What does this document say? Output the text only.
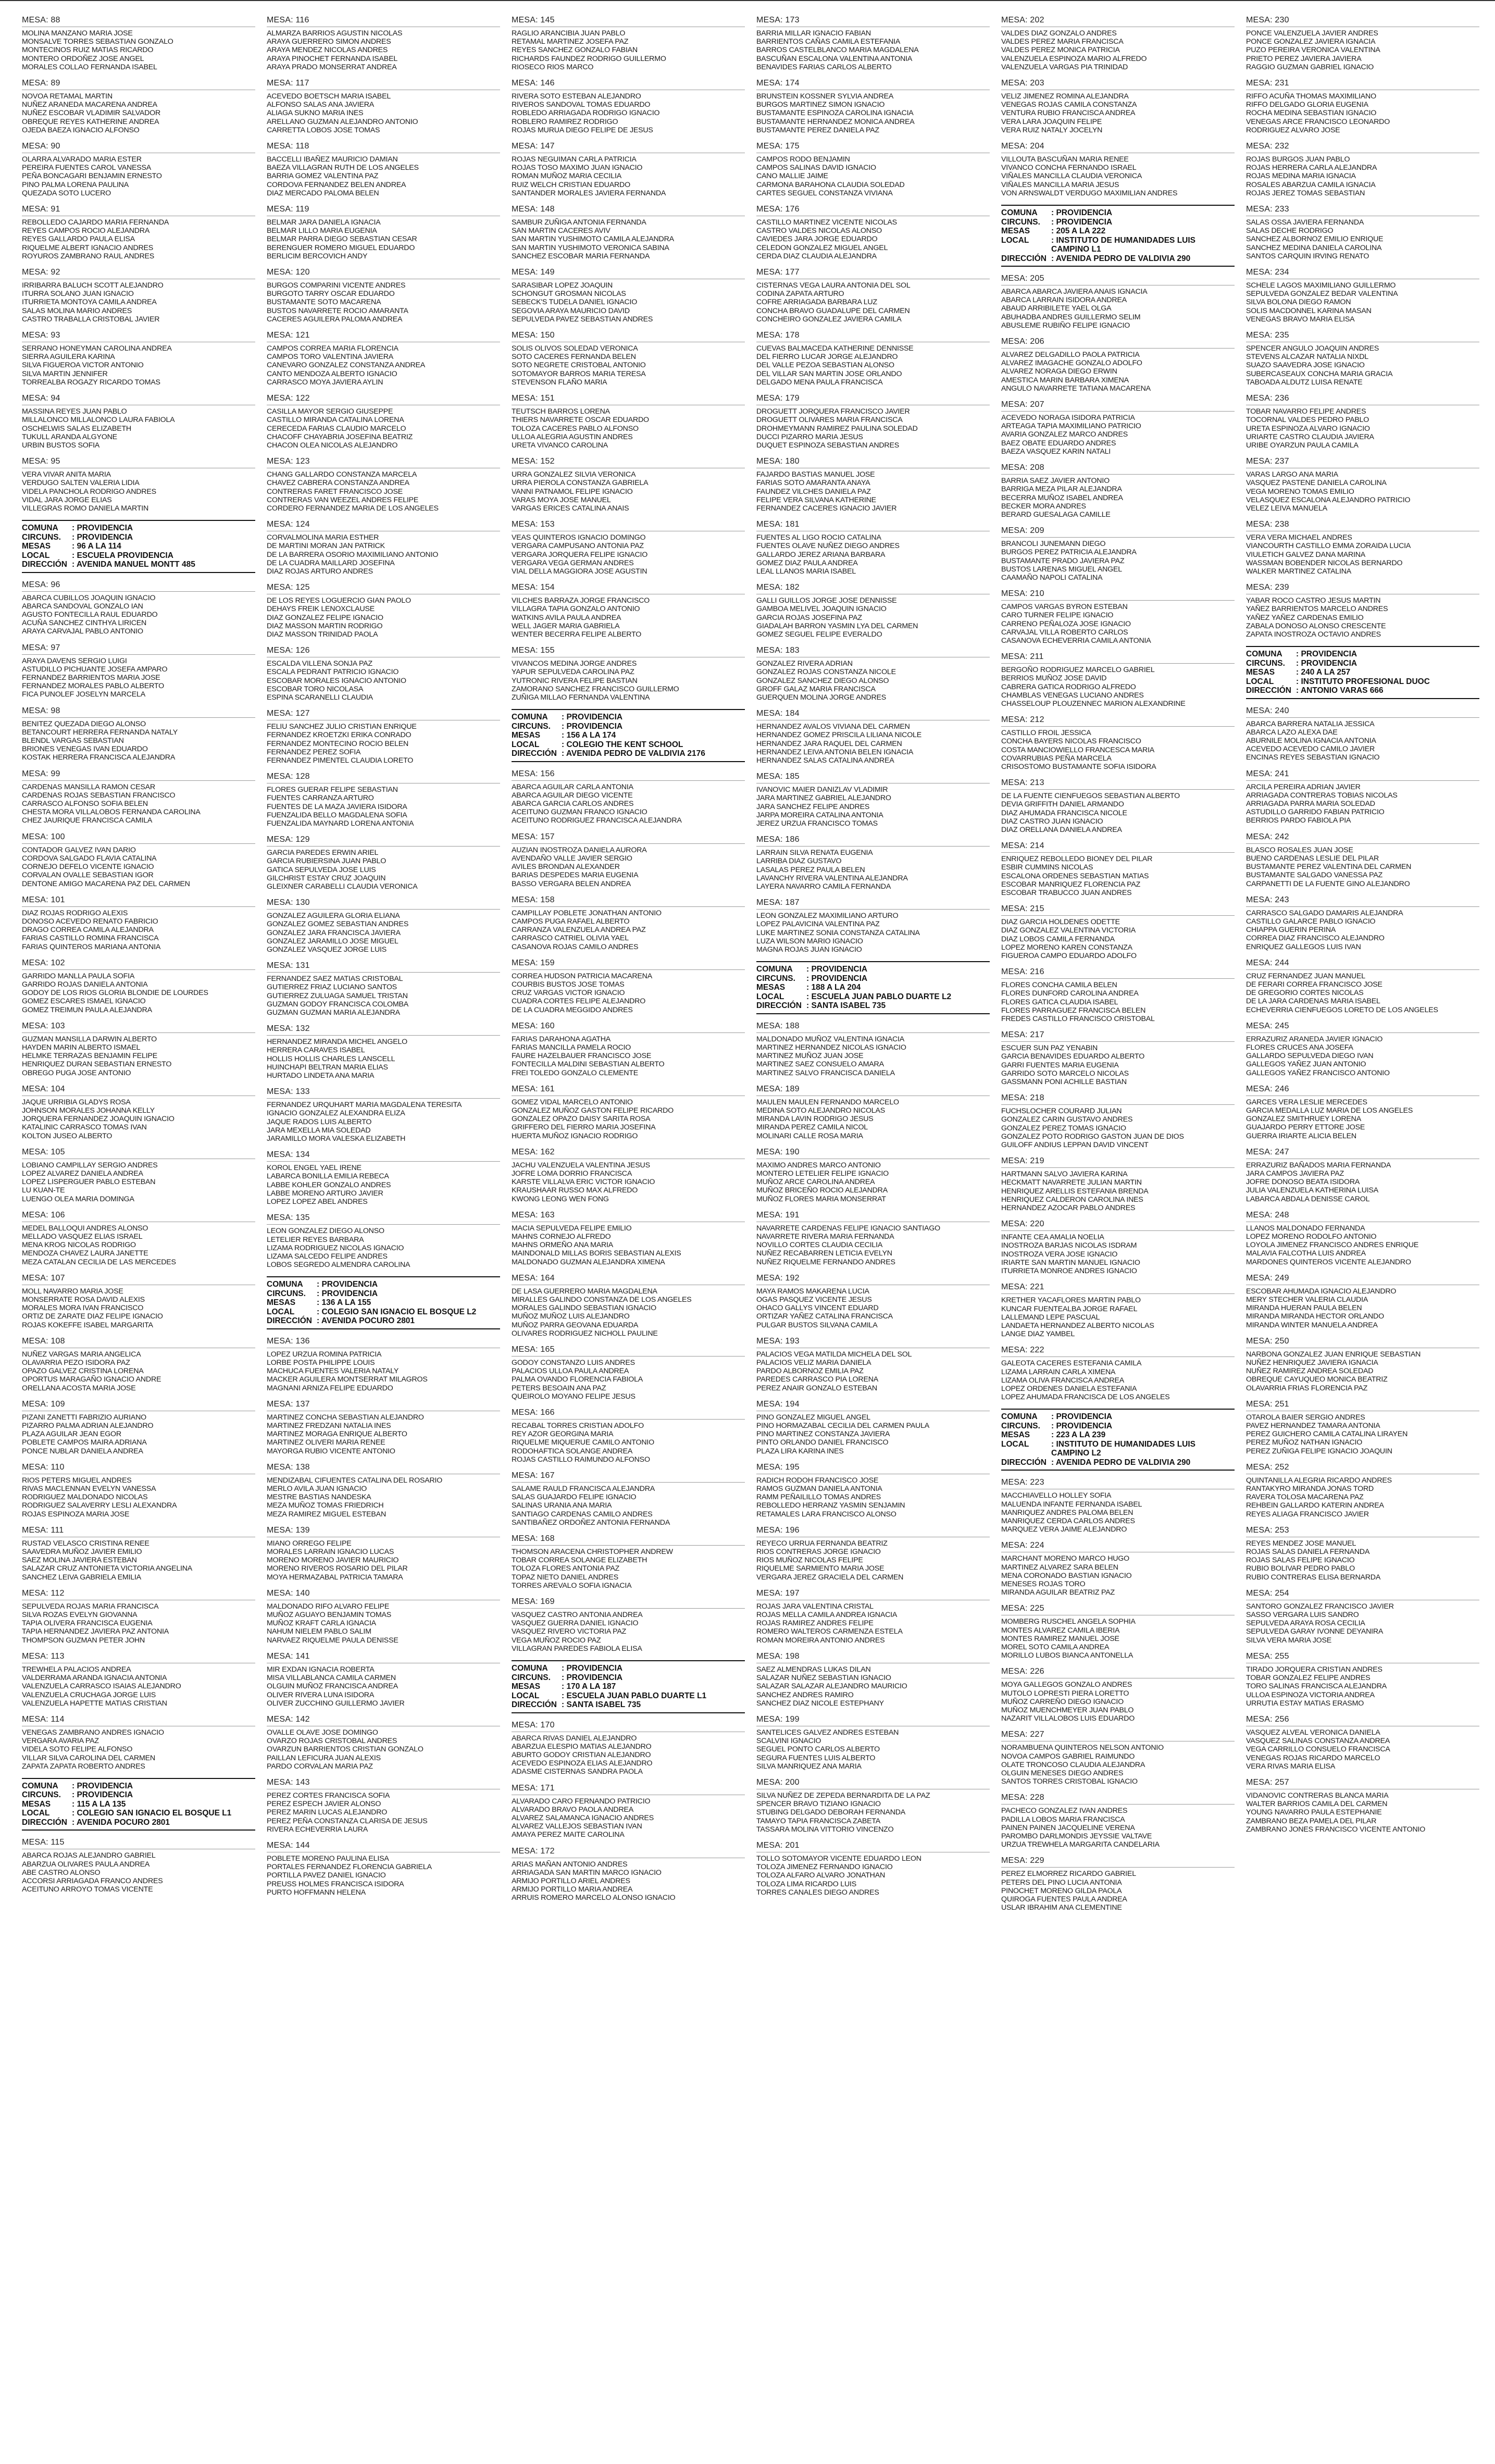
MESA: 88
MOLINA MANZANO MARIA JOSE
MONSALVE TORRES SEBASTIAN GONZALO
MONTECINOS RUIZ MATIAS RICARDO
MONTERO ORDOÑEZ JOSE ANGEL
MORALES COLLAO FERNANDA ISABEL
MESA: 89
NOVOA RETAMAL MARTIN
NUÑEZ ARANEDA MACARENA ANDREA
NUÑEZ ESCOBAR VLADIMIR SALVADOR
OBREQUE REYES KATHERINE ANDREA
OJEDA BAEZA IGNACIO ALFONSO
MESA: 90
OLARRA ALVARADO MARIA ESTER
PEREIRA FUENTES CAROL VANESSA
PEÑA BONCAGARI BENJAMIN ERNESTO
PINO PALMA LORENA PAULINA
QUEZADA SOTO LUCERO
MESA: 91
REBOLLEDO CAJARDO MARIA FERNANDA
REYES CAMPOS ROCIO ALEJANDRA
REYES GALLARDO PAULA ELISA
RIQUELME ALBERT IGNACIO ANDRES
ROYUROS ZAMBRANO RAUL ANDRES
MESA: 92
IRRIBARRA BALUCH SCOTT ALEJANDRO
ITURRA SOLANO JUAN IGNACIO
ITURRIETA MONTOYA CAMILA ANDREA
SALAS MOLINA MARIO ANDRES
CASTRO TRABALLA CRISTOBAL JAVIER
MESA: 93
SERRANO HONEYMAN CAROLINA ANDREA
SIERRA AGUILERA KARINA
SILVA FIGUEROA VICTOR ANTONIO
SILVA MARTIN JENNIFER
TORREALBA ROGAZY RICARDO TOMAS
MESA: 94
MASSINA REYES JUAN PABLO
MILLALONCO MILLALONCO LAURA FABIOLA
OSCHELWIS SALAS ELIZABETH
TUKULL ARANDA ALGYONE
URBIN BUSTOS SOFIA
MESA: 95
VERA VIVAR ANITA MARIA
VERDUGO SALTEN VALERIA LIDIA
VIDELA PANCHOLA RODRIGO ANDRES
VIDAL JARA JORGE ELIAS
VILLEGRAS ROMO DANIELA MARTIN
COMUNA	: PROVIDENCIA
CIRCUNS.	: PROVIDENCIA
MESAS	: 96 A LA 114
LOCAL	: ESCUELA PROVIDENCIA
DIRECCIÓN : AVENIDA MANUEL MONTT 485
MESA: 96
ABARCA CUBILLOS JOAQUIN IGNACIO
ABARCA SANDOVAL GONZALO IAN
AGUSTO FONTECILLA RAUL EDUARDO
ACUÑA SANCHEZ CINTHYA LIRICEN
ARAYA CARVAJAL PABLO ANTONIO
MESA: 97
ARAYA DAVENS SERGIO LUIGI
ASTUDILLO PICHUANTE JOSEFA AMPARO
FERNANDEZ BARRIENTOS MARIA JOSE
FERNANDEZ MORALES PABLO ALBERTO
FICA PUNOLEF JOSELYN MARCELA
MESA: 98
BENITEZ QUEZADA DIEGO ALONSO
BETANCOURT HERRERA FERNANDA NATALY
BLENDL VARGAS SEBASTIAN
BRIONES VENEGAS IVAN EDUARDO
KOSTAK HERRERA FRANCISCA ALEJANDRA
MESA: 99
CARDENAS MANSILLA RAMON CESAR
CARDENAS ROJAS SEBASTIAN FRANCISCO
CARRASCO ALFONSO SOFIA BELEN
CHESTA MORA VILLALOBOS FERNANDA CAROLINA
CHEZ JAURIQUE FRANCISCA CAMILA
MESA: 100
CONTADOR GALVEZ IVAN DARIO
CORDOVA SALGADO FLAVIA CATALINA
CORNEJO DEFELO VICENTE IGNACIO
CORVALAN OVALLE SEBASTIAN IGOR
DENTONE AMIGO MACARENA PAZ DEL CARMEN
MESA: 101
DIAZ ROJAS RODRIGO ALEXIS
DONOSO ACEVEDO RENATO FABRICIO
DRAGO CORREA CAMILA ALEJANDRA
FARIAS CASTILLO ROMINA FRANCISCA
FARIAS QUINTEROS MARIANA ANTONIA
MESA: 102
GARRIDO MANLLA PAULA SOFIA
GARRIDO ROJAS DANIELA ANTONIA
GODOY DE LOS RIOS GLORIA BLONDIE DE LOURDES
GOMEZ ESCARES ISMAEL IGNACIO
GOMEZ TREIMUN PAULA ALEJANDRA
MESA: 103
GUZMAN MANSILLA DARWIN ALBERTO
HAYDEN MARIN ALBERTO ISMAEL
HELMKE TERRAZAS BENJAMIN FELIPE
HENRIQUEZ DURAN SEBASTIAN ERNESTO
OBREGO PUGA JOSE ANTONIO
MESA: 104
JAQUE URRIBIA GLADYS ROSA
JOHNSON MORALES JOHANNA KELLY
JORQUERA FERNANDEZ JOAQUIN IGNACIO
KATALINIC CARRASCO TOMAS IVAN
KOLTON JUSEO ALBERTO
MESA: 105
LOBIANO CAMPILLAY SERGIO ANDRES
LOPEZ ALVAREZ DANIELA ANDREA
LOPEZ LISPERGUER PABLO ESTEBAN
LU KUAN-TE
LUENGO OLEA MARIA DOMINGA
MESA: 106
MEDEL BALLOQUI ANDRES ALONSO
MELLADO VASQUEZ ELIAS ISRAEL
MENA KROG NICOLAS RODRIGO
MENDOZA CHAVEZ LAURA JANETTE
MEZA CATALAN CECILIA DE LAS MERCEDES
MESA: 107
MOLL NAVARRO MARIA JOSE
MONSERRATE ROSA DAVID ALEXIS
MORALES MORA IVAN FRANCISCO
ORTIZ DE ZARATE DIAZ FELIPE IGNACIO
ROJAS KOKEFFE ISABEL MARGARITA
MESA: 108
NUÑEZ VARGAS MARIA ANGELICA
OLAVARRIA PEZO ISIDORA PAZ
OPAZO GALVEZ CRISTINA LORENA
OPORTUS MARAGAÑO IGNACIO ANDRE
ORELLANA ACOSTA MARIA JOSE
MESA: 109
PIZANI ZANETTI FABRIZIO AURIANO
PIZARRO PALMA ADRIAN ALEJANDRO
PLAZA AGUILAR JEAN EGOR
POBLETE CAMPOS MAIRA ADRIANA
PONCE NUBLAR DANIELA ANDREA
MESA: 110
RIOS PETERS MIGUEL ANDRES
RIVAS MACLENNAN EVELYN VANESSA
RODRIGUEZ MALDONADO NICOLAS
RODRIGUEZ SALAVERRY LESLI ALEXANDRA
ROJAS ESPINOZA MARIA JOSE
MESA: 111
RUSTAD VELASCO CRISTINA RENEE
SAAVEDRA MUÑOZ JAVIER EMILIO
SAEZ MOLINA JAVIERA ESTEBAN
SALAZAR CRUZ ANTONIETA VICTORIA ANGELINA
SANCHEZ LEIVA GABRIELA EMILIA
MESA: 112
SEPULVEDA ROJAS MARIA FRANCISCA
SILVA ROZAS EVELYN GIOVANNA
TAPIA OLIVERA FRANCISCA EUGENIA
TAPIA HERNANDEZ JAVIERA PAZ ANTONIA
THOMPSON GUZMAN PETER JOHN
MESA: 113
TREWHELA PALACIOS ANDREA
VALDERRAMA ARANDA IGNACIA ANTONIA
VALENZUELA CARRASCO ISAIAS ALEJANDRO
VALENZUELA CRUCHAGA JORGE LUIS
VALENZUELA HAPETTE MATIAS CRISTIAN
MESA: 114
VENEGAS ZAMBRANO ANDRES IGNACIO
VERGARA AVARIA PAZ
VIDELA SOTO FELIPE ALFONSO
VILLAR SILVA CAROLINA DEL CARMEN
ZAPATA ZAPATA ROBERTO ANDRES
COMUNA	: PROVIDENCIA
CIRCUNS.	: PROVIDENCIA
MESAS	: 115 A LA 135
LOCAL	: COLEGIO SAN IGNACIO EL BOSQUE L1
DIRECCIÓN : AVENIDA POCURO 2801
MESA: 115
ABARCA ROJAS ALEJANDRO GABRIEL
ABARZUA OLIVARES PAULA ANDREA
ABE CASTRO ALONSO
ACCORSI ARRIAGADA FRANCO ANDRES
ACEITUNO ARROYO TOMAS VICENTE
MESA: 116
ALMARZA BARRIOS AGUSTIN NICOLAS
ARAYA GUERRERO SIMON ANDRES
ARAYA MENDEZ NICOLAS ANDRES
ARAYA PINOCHET FERNANDA ISABEL
ARAYA PRADO MONSERRAT ANDREA
MESA: 117
ACEVEDO BOETSCH MARIA ISABEL
ALFONSO SALAS ANA JAVIERA
ALIAGA SUKNO MARIA INES
ARELLANO GUZMAN ALEJANDRO ANTONIO
CARRETTA LOBOS JOSE TOMAS
MESA: 118
BACCELLI IBAÑEZ MAURICIO DAMIAN
BAEZA VILLAGRAN RUTH DE LOS ANGELES
BARRIA GOMEZ VALENTINA PAZ
CORDOVA FERNANDEZ BELEN ANDREA
DIAZ MERCADO PALOMA BELEN
MESA: 119
BELMAR JARA DANIELA IGNACIA
BELMAR LILLO MARIA EUGENIA
BELMAR PARRA DIEGO SEBASTIAN CESAR
BERENGUER ROMERO MIGUEL EDUARDO
BERLICIM BERCOVICH ANDY
MESA: 120
BURGOS COMPARINI VICENTE ANDRES
BURGOTO TARRY OSCAR EDUARDO
BUSTAMANTE SOTO MACARENA
BUSTOS NAVARRETE ROCIO AMARANTA
CACERES AGUILERA PALOMA ANDREA
MESA: 121
CAMPOS CORREA MARIA FLORENCIA
CAMPOS TORO VALENTINA JAVIERA
CANEVARO GONZALEZ CONSTANZA ANDREA
CANTO MENDOZA ALBERTO IGNACIO
CARRASCO MOYA JAVIERA AYLIN
MESA: 122
CASILLA MAYOR SERGIO GIUSEPPE
CASTILLO MIRANDA CATALINA LORENA
CERECEDA FARIAS CLAUDIO MARCELO
CHACOFF CHAYABRIA JOSEFINA BEATRIZ
CHACON OLEA NICOLAS ALEJANDRO
MESA: 123
CHANG GALLARDO CONSTANZA MARCELA
CHAVEZ CABRERA CONSTANZA ANDREA
CONTRERAS FARET FRANCISCO JOSE
CONTRERAS VAN WEEZEL ANDRES FELIPE
CORDERO FERNANDEZ MARIA DE LOS ANGELES
MESA: 124
CORVALMOLINA MARIA ESTHER
DE MARTINI MORAN JAN PATRICK
DE LA BARRERA OSORIO MAXIMILIANO ANTONIO
DE LA CUADRA MAILLARD JOSEFINA
DIAZ ROJAS ARTURO ANDRES
MESA: 125
DE LOS REYES LOGUERCIO GIAN PAOLO
DEHAYS FREIK LENOXCLAUSE
DIAZ GONZALEZ FELIPE IGNACIO
DIAZ MASSON MARTIN RODRIGO
DIAZ MASSON TRINIDAD PAOLA
MESA: 126
ESCALDA VILLENA SONJA PAZ
ESCALA PEDRANT PATRICIO IGNACIO
ESCOBAR MORALES IGNACIO ANTONIO
ESCOBAR TORO NICOLASA
ESPINA SCARANELLI CLAUDIA
MESA: 127
FELIU SANCHEZ JULIO CRISTIAN ENRIQUE
FERNANDEZ KROETZKI ERIKA CONRADO
FERNANDEZ MONTECINO ROCIO BELEN
FERNANDEZ PEREZ SOFIA
FERNANDEZ PIMENTEL CLAUDIA LORETO
MESA: 128
FLORES GUERAR FELIPE SEBASTIAN
FUENTES CARRANZA ARTURO
FUENTES DE LA MAZA JAVIERA ISIDORA
FUENZALIDA BELLO MAGDALENA SOFIA
FUENZALIDA MAYNARD LORENA ANTONIA
MESA: 129
GARCIA PAREDES ERWIN ARIEL
GARCIA RUBIERSINA JUAN PABLO
GATICA SEPULVEDA JOSE LUIS
GILCHRIST ESTAY CRUZ JOAQUIN
GLEIXNER CARABELLI CLAUDIA VERONICA
MESA: 130
GONZALEZ AGUILERA GLORIA ELIANA
GONZALEZ GOMEZ SEBASTIAN ANDRES
GONZALEZ JARA FRANCISCA JAVIERA
GONZALEZ JARAMILLO JOSE MIGUEL
GONZALEZ VASQUEZ JORGE LUIS
MESA: 131
FERNANDEZ SAEZ MATIAS CRISTOBAL
GUTIERREZ FRIAZ LUCIANO SANTOS
GUTIERREZ ZULUAGA SAMUEL TRISTAN
GUZMAN GODOY FRANCISCA COLOMBA
GUZMAN GUZMAN MARIA ALEJANDRA
MESA: 132
HERNANDEZ MIRANDA MICHEL ANGELO
HERRERA CARAVES ISABEL
HOLLIS HOLLIS CHARLES LANSCELL
HUINCHAPI BELTRAN MARIA ELIAS
HURTADO LINDETA ANA MARIA
MESA: 133
FERNANDEZ URQUHART MARIA MAGDALENA TERESITA
IGNACIO GONZALEZ ALEXANDRA ELIZA
JAQUE RADOS LUIS ALBERTO
JARA MEXELLA MIA SOLEDAD
JARAMILLO MORA VALESKA ELIZABETH
MESA: 134
KOROL ENGEL YAEL IRENE
LABARCA BONILLA EMILIA REBECA
LABBE KOHLER GONZALO ANDRES
LABBE MORENO ARTURO JAVIER
LOPEZ LOPEZ ABEL ANDRES
MESA: 135
LEON GONZALEZ DIEGO ALONSO
LETELIER REYES BARBARA
LIZAMA RODRIGUEZ NICOLAS IGNACIO
LIZAMA SALCEDO FELIPE ANDRES
LOBOS SEGREDO ALMENDRA CAROLINA
COMUNA	: PROVIDENCIA
CIRCUNS.	: PROVIDENCIA
MESAS	: 136 A LA 155
LOCAL	: COLEGIO SAN IGNACIO EL BOSQUE L2
DIRECCIÓN : AVENIDA POCURO 2801
MESA: 136
LOPEZ URZUA ROMINA PATRICIA
LORBE POSTA PHILIPPE LOUIS
MACHUCA FUENTES VALERIA NATALY
MACKER AGUILERA MONTSERRAT MILAGROS
MAGNANI ARNIZA FELIPE EDUARDO
MESA: 137
MARTINEZ CONCHA SEBASTIAN ALEJANDRO
MARTINEZ FREDZANI NATALIA INES
MARTINEZ MORAGA ENRIQUE ALBERTO
MARTINEZ OLIVERI MARIA RENEE
MAYORGA RUBIO VICENTE ANTONIO
MESA: 138
MENDIZABAL CIFUENTES CATALINA DEL ROSARIO
MERLO AVILA JUAN IGNACIO
MESTRE BASTIAS NANDESKA
MEZA MUÑOZ TOMAS FRIEDRICH
MEZA RAMIREZ MIGUEL ESTEBAN
MESA: 139
MIANO ORREGO FELIPE
MORALES LARRAIN IGNACIO LUCAS
MORENO MORENO JAVIER MAURICIO
MORENO RIVEROS ROSARIO DEL PILAR
MOYA HERMAZABAL PATRICIA TAMARA
MESA: 140
MALDONADO RIFO ALVARO FELIPE
MUÑOZ AGUAYO BENJAMIN TOMAS
MUÑOZ KRAFT CARLA IGNACIA
NAHUM NIELEM PABLO SALIM
NARVAEZ RIQUELME PAULA DENISSE
MESA: 141
MIR EXDAN IGNACIA ROBERTA
MISA VILLABLANCA CAMILA CARMEN
OLGUIN MUÑOZ FRANCISCA ANDREA
OLIVER RIVERA LUNA ISIDORA
OLIVER ZUCCHINO GUILLERMO JAVIER
MESA: 142
OVALLE OLAVE JOSE DOMINGO
OVARZO ROJAS CRISTOBAL ANDRES
OVARZUN BARRIENTOS CRISTIAN GONZALO
PAILLAN LEFICURA JUAN ALEXIS
PARDO CORVALAN MARIA PAZ
MESA: 143
PEREZ CORTES FRANCISCA SOFIA
PEREZ ESPECH JAVIER ALONSO
PEREZ MARIN LUCAS ALEJANDRO
PEREZ PEÑA CONSTANZA CLARISA DE JESUS
RIVERA ECHEVERRIA LAURA
MESA: 144
POBLETE MORENO PAULINA ELISA
PORTALES FERNANDEZ FLORENCIA GABRIELA
PORTILLA PAVEZ DANIEL IGNACIO
PREUSS HOLMES FRANCISCA ISIDORA
PURTO HOFFMANN HELENA
MESA: 145
RAGLIO ARANCIBIA JUAN PABLO
RETAMAL MARTINEZ JOSEFA PAZ
REYES SANCHEZ GONZALO FABIAN
RICHARDS FAUNDEZ RODRIGO GUILLERMO
RIOSECO RIOS MARCO
MESA: 146
RIVERA SOTO ESTEBAN ALEJANDRO
RIVEROS SANDOVAL TOMAS EDUARDO
ROBLEDO ARRIAGADA RODRIGO IGNACIO
ROBLERO RAMIREZ RODRIGO
ROJAS MURUA DIEGO FELIPE DE JESUS
MESA: 147
ROJAS NEGUIMAN CARLA PATRICIA
ROJAS TOSO MAXIMO JUAN IGNACIO
ROMAN MUÑOZ MARIA CECILIA
RUIZ WELCH CRISTIAN EDUARDO
SANTANDER MORALES JAVIERA FERNANDA
MESA: 148
SAMBUR ZUÑIGA ANTONIA FERNANDA
SAN MARTIN CACERES AVIV
SAN MARTIN YUSHIMOTO CAMILA ALEJANDRA
SAN MARTIN YUSHIMOTO VERONICA SABINA
SANCHEZ ESCOBAR MARIA FERNANDA
MESA: 149
SARASIBAR LOPEZ JOAQUIN
SCHONGUT GROSMAN NICOLAS
SEBECK'S TUDELA DANIEL IGNACIO
SEGOVIA ARAYA MAURICIO DAVID
SEPULVEDA PAVEZ SEBASTIAN ANDRES
MESA: 150
SOLIS OLIVOS SOLEDAD VERONICA
SOTO CACERES FERNANDA BELEN
SOTO NEGRETE CRISTOBAL ANTONIO
SOTOMAYOR BARROS MARIA TERESA
STEVENSON FLAÑO MARIA
MESA: 151
TEUTSCH BARROS LORENA
THIERS NAVARRETE OSCAR EDUARDO
TOLOZA CACERES PABLO ALFONSO
ULLOA ALEGRIA AGUSTIN ANDRES
URETA VIVANCO CAROLINA
MESA: 152
URRA GONZALEZ SILVIA VERONICA
URRA PIEROLA CONSTANZA GABRIELA
VANNI PATNAMOL FELIPE IGNACIO
VARAS MOYA JOSE MANUEL
VARGAS ERICES CATALINA ANAIS
MESA: 153
VEAS QUINTEROS IGNACIO DOMINGO
VERGARA CAMPUSANO ANTONIA PAZ
VERGARA JORQUERA FELIPE IGNACIO
VERGARA VEGA GERMAN ANDRES
VIAL DELLA MAGGIORA JOSE AGUSTIN
MESA: 154
VILCHES BARRAZA JORGE FRANCISCO
VILLAGRA TAPIA GONZALO ANTONIO
WATKINS AVILA PAULA ANDREA
WELL JAGER MARIA GABRIELA
WENTER BECERRA FELIPE ALBERTO
MESA: 155
VIVANCOS MEDINA JORGE ANDRES
YAPUR SEPULVEDA CAROLINA PAZ
YUTRONIC RIVERA FELIPE BASTIAN
ZAMORANO SANCHEZ FRANCISCO GUILLERMO
ZUÑIGA MILLAO FERNANDA VALENTINA
COMUNA	: PROVIDENCIA
CIRCUNS.	: PROVIDENCIA
MESAS	: 156 A LA 174
LOCAL	: COLEGIO THE KENT SCHOOL
DIRECCIÓN : AVENIDA PEDRO DE VALDIVIA 2176
MESA: 156
ABARCA AGUILAR CARLA ANTONIA
ABARCA AGUILAR DIEGO VICENTE
ABARCA GARCIA CARLOS ANDRES
ACEITUNO GUZMAN FRANCO IGNACIO
ACEITUNO RODRIGUEZ FRANCISCA ALEJANDRA
MESA: 157
AUZIAN INOSTROZA DANIELA AURORA
AVENDAÑO VALLE JAVIER SERGIO
AVILES BRONDAN ALEXANDER
BARIAS DESPEDES MARIA EUGENIA
BASSO VERGARA BELEN ANDREA
MESA: 158
CAMPILLAY POBLETE JONATHAN ANTONIO
CAMPOS PUGA RAFAEL ALBERTO
CARRANZA VALENZUELA ANDREA PAZ
CARRASCO CATRIEL OLIVIA YAEL
CASANOVA ROJAS CAMILO ANDRES
MESA: 159
CORREA HUDSON PATRICIA MACARENA
COURBIS BUSTOS JOSE TOMAS
CRUZ VARGAS VICTOR IGNACIO
CUADRA CORTES FELIPE ALEJANDRO
DE LA CUADRA MEGGIDO ANDRES
MESA: 160
FARIAS DARAHONA AGATHA
FARIAS MANCILLA PAMELA ROCIO
FAURE HAZELBAUER FRANCISCO JOSE
FONTECILLA MALDINI SEBASTIAN ALBERTO
FREI TOLEDO GONZALO CLEMENTE
MESA: 161
GOMEZ VIDAL MARCELO ANTONIO
GONZALEZ MUÑOZ GASTON FELIPE RICARDO
GONZALEZ OPAZO DAISY SARITA ROSA
GRIFFERO DEL FIERRO MARIA JOSEFINA
HUERTA MUÑOZ IGNACIO RODRIGO
MESA: 162
JACHU VALENZUELA VALENTINA JESUS
JOFRE LOMA DORRIO FRANCISCA
KARSTE VILLALVA ERIC VICTOR IGNACIO
KRAUSHAAR RUSSO MAX ALFREDO
KWONG LEONG WEN FONG
MESA: 163
MACIA SEPULVEDA FELIPE EMILIO
MAHNS CORNEJO ALFREDO
MAHNS ORMEÑO ANA MARIA
MAINDONALD MILLAS BORIS SEBASTIAN ALEXIS
MALDONADO GUZMAN ALEJANDRA XIMENA
MESA: 164
DE LASA GUERRERO MARIA MAGDALENA
MIRALLES GALINDO CONSTANZA DE LOS ANGELES
MORALES GALINDO SEBASTIAN IGNACIO
MUÑOZ MUÑOZ LUIS ALEJANDRO
MUÑOZ PARRA GEOVANA EDUARDA
OLIVARES RODRIGUEZ NICHOLL PAULINE
MESA: 165
GODOY CONSTANZO LUIS ANDRES
PALACIOS ULLOA PAULA ANDREA
PALMA OVANDO FLORENCIA FABIOLA
PETERS BESOAIN ANA PAZ
QUEIROLO MOYANO FELIPE JESUS
MESA: 166
RECABAL TORRES CRISTIAN ADOLFO
REY AZOR GEORGINA MARIA
RIQUELME MIQUERUE CAMILO ANTONIO
RODOHAFTICA SOLANGE ANDREA
ROJAS CASTILLO RAIMUNDO ALFONSO
MESA: 167
SALAME RAULD FRANCISCA ALEJANDRA
SALAS GUAJARDO FELIPE IGNACIO
SALINAS URANIA ANA MARIA
SANTIAGO CARDENAS CAMILO ANDRES
SANTIBAÑEZ ORDOÑEZ ANTONIA FERNANDA
MESA: 168
THOMSON ARACENA CHRISTOPHER ANDREW
TOBAR CORREA SOLANGE ELIZABETH
TOLOZA FLORES ANTONIA PAZ
TOPAZ NIETO DANIEL ANDRES
TORRES AREVALO SOFIA IGNACIA
MESA: 169
VASQUEZ CASTRO ANTONIA ANDREA
VASQUEZ GUERRA DANIEL IGNACIO
VASQUEZ RIVERO VICTORIA PAZ
VEGA MUÑOZ ROCIO PAZ
VILLAGRAN PAREDES FABIOLA ELISA
COMUNA	: PROVIDENCIA
CIRCUNS.	: PROVIDENCIA
MESAS	: 170 A LA 187
LOCAL	: ESCUELA JUAN PABLO DUARTE L1
DIRECCIÓN : SANTA ISABEL 735
MESA: 170
ABARCA RIVAS DANIEL ALEJANDRO
ABARZUA ELESPIO MATIAS ALEJANDRO
ABURTO GODOY CRISTIAN ALEJANDRO
ACEVEDO ESPINOZA ELIAS ALEJANDRO
ADASME CISTERNAS SANDRA PAOLA
MESA: 171
ALVARADO CARO FERNANDO PATRICIO
ALVARADO BRAVO PAOLA ANDREA
ALVAREZ SALAMANCA IGNACIO ANDRES
ALVAREZ VALLEJOS SEBASTIAN IVAN
AMAYA PEREZ MAITE CAROLINA
MESA: 172
ARIAS MAÑAN ANTONIO ANDRES
ARRIAGADA SAN MARTIN MARCO IGNACIO
ARMIJO PORTILLO ARIEL ANDRES
ARMIJO PORTILLO MARIA ANDREA
ARRUIS ROMERO MARCELO ALONSO IGNACIO
MESA: 173
BARRIA MILLAR IGNACIO FABIAN
BARRIENTOS CAÑAS CAMILA ESTEFANIA
BARROS CASTELBLANCO MARIA MAGDALENA
BASCUÑAN ESCALONA VALENTINA ANTONIA
BENAVIDES FARIAS CARLOS ALBERTO
MESA: 174
BRUNSTEIN KOSSNER SYLVIA ANDREA
BURGOS MARTINEZ SIMON IGNACIO
BUSTAMANTE ESPINOZA CAROLINA IGNACIA
BUSTAMANTE HERNANDEZ MONICA ANDREA
BUSTAMANTE PEREZ DANIELA PAZ
MESA: 175
CAMPOS RODO BENJAMIN
CAMPOS SALINAS DAVID IGNACIO
CANO MALLIE JAIME
CARMONA BARAHONA CLAUDIA SOLEDAD
CARTES SEGUEL CONSTANZA VIVIANA
MESA: 176
CASTILLO MARTINEZ VICENTE NICOLAS
CASTRO VALDES NICOLAS ALONSO
CAVIEDES JARA JORGE EDUARDO
CELEDON GONZALEZ MIGUEL ANGEL
CERDA DIAZ CLAUDIA ALEJANDRA
MESA: 177
CISTERNAS VEGA LAURA ANTONIA DEL SOL
CODINA ZAPATA ARTURO
COFRE ARRIAGADA BARBARA LUZ
CONCHA BRAVO GUADALUPE DEL CARMEN
CONCHEIRO GONZALEZ JAVIERA CAMILA
MESA: 178
CUEVAS BALMACEDA KATHERINE DENNISSE
DEL FIERRO LUCAR JORGE ALEJANDRO
DEL VALLE PEZOA SEBASTIAN ALONSO
DEL VILLAR SAN MARTIN JOSE ORLANDO
DELGADO MENA PAULA FRANCISCA
MESA: 179
DROGUETT JORQUERA FRANCISCO JAVIER
DROGUETT OLIVARES MARIA FRANCISCA
DROHMEYMANN RAMIREZ PAULINA SOLEDAD
DUCCI PIZARRO MARIA JESUS
DUQUET ESPINOZA SEBASTIAN ANDRES
MESA: 180
FAJARDO BASTIAS MANUEL JOSE
FARIAS SOTO AMARANTA ANAYA
FAUNDEZ VILCHES DANIELA PAZ
FELIPE VERA SILVANA KATHERINE
FERNANDEZ CACERES IGNACIO JAVIER
MESA: 181
FUENTES AL LIGO ROCIO CATALINA
FUENTES OLAVE NUÑEZ DIEGO ANDRES
GALLARDO JEREZ ARIANA BARBARA
GOMEZ DIAZ PAULA ANDREA
LEAL LLANOS MARIA ISABEL
MESA: 182
GALLI GUILLOS JORGE JOSE DENNISSE
GAMBOA MELIVEL JOAQUIN IGNACIO
GARCIA ROJAS JOSEFINA PAZ
GIADALAH BARRON YASMIN LYA DEL CARMEN
GOMEZ SEGUEL FELIPE EVERALDO
MESA: 183
GONZALEZ RIVERA ADRIAN
GONZALEZ ROJAS CONSTANZA NICOLE
GONZALEZ SANCHEZ DIEGO ALONSO
GROFF GALAZ MARIA FRANCISCA
GUERQUEN MOLINA JORGE ANDRES
MESA: 184
HERNANDEZ AVALOS VIVIANA DEL CARMEN
HERNANDEZ GOMEZ PRISCILA LILIANA NICOLE
HERNANDEZ JARA RAQUEL DEL CARMEN
HERNANDEZ LEIVA ANTONIA BELEN IGNACIA
HERNANDEZ SALAS CATALINA ANDREA
MESA: 185
IVANOVIC MAIER DANIZLAV VLADIMIR
JARA MARTINEZ GABRIEL ALEJANDRO
JARA SANCHEZ FELIPE ANDRES
JARPA MOREIRA CATALINA ANTONIA
JEREZ URZUA FRANCISCO TOMAS
MESA: 186
LARRAIN SILVA RENATA EUGENIA
LARRIBA DIAZ GUSTAVO
LASALAS PEREZ PAULA BELEN
LAVANCHY RIVERA VALENTINA ALEJANDRA
LAYERA NAVARRO CAMILA FERNANDA
MESA: 187
LEON GONZALEZ MAXIMILIANO ARTURO
LOPEZ PALAVICINA VALENTINA PAZ
LUKE MARTINEZ SONIA CONSTANZA CATALINA
LUZA WILSON MARIO IGNACIO
MAGNA ROJAS JUAN IGNACIO
COMUNA	: PROVIDENCIA
CIRCUNS.	: PROVIDENCIA
MESAS	: 188 A LA 204
LOCAL	: ESCUELA JUAN PABLO DUARTE L2
DIRECCIÓN : SANTA ISABEL 735
MESA: 188
MALDONADO MUÑOZ VALENTINA IGNACIA
MARTINEZ HERNANDEZ NICOLAS IGNACIO
MARTINEZ MUÑOZ JUAN JOSE
MARTINEZ SAEZ CONSUELO AMARA
MARTINEZ SALVO FRANCISCA DANIELA
MESA: 189
MAULEN MAULEN FERNANDO MARCELO
MEDINA SOTO ALEJANDRO NICOLAS
MIRANDA LAVIN RODRIGO JESUS
MIRANDA PEREZ CAMILA NICOL
MOLINARI CALLE ROSA MARIA
MESA: 190
MAXIMO ANDRES MARCO ANTONIO
MONTERO LETELIER FELIPE IGNACIO
MUÑOZ ARCE CAROLINA ANDREA
MUÑOZ BRICEÑO ROCIO ALEJANDRA
MUÑOZ FLORES MARIA MONSERRAT
MESA: 191
NAVARRETE CARDENAS FELIPE IGNACIO SANTIAGO
NAVARRETE RIVERA MARIA FERNANDA
NOVILLO CORTES CLAUDIA CECILIA
NUÑEZ RECABARREN LETICIA EVELYN
NUÑEZ RIQUELME FERNANDO ANDRES
MESA: 192
MAYA RAMOS MAKARENA LUCIA
OGAS PASQUEZ VICENTE JESUS
OHACO GALLYS VINCENT EDUARD
ORTIZAR YAÑEZ CATALINA FRANCISCA
PULGAR BUSTOS SILVANA CAMILA
MESA: 193
PALACIOS VEGA MATILDA MICHELA DEL SOL
PALACIOS VELIZ MARIA DANIELA
PARDO ALBORNOZ EMILIA PAZ
PAREDES CARRASCO PIA LORENA
PEREZ ANAIR GONZALO ESTEBAN
MESA: 194
PINO GONZALEZ MIGUEL ANGEL
PINO HORMAZABAL CECILIA DEL CARMEN PAULA
PINO MARTINEZ CONSTANZA JAVIERA
PINTO ORLANDO DANIEL FRANCISCO
PLAZA LIRA KARINA INES
MESA: 195
RADICH RODOH FRANCISCO JOSE
RAMOS GUZMAN DANIELA ANTONIA
RAMM PEÑAILILLO TOMAS ANDRES
REBOLLEDO HERRANZ YASMIN SENJAMIN
RETAMALES LARA FRANCISCO ALONSO
MESA: 196
REYECO URRUA FERNANDA BEATRIZ
RIOS CONTRERAS JORGE IGNACIO
RIOS MUÑOZ NICOLAS FELIPE
RIQUELME SARMIENTO MARIA JOSE
VERGARA JEREZ GRACIELA DEL CARMEN
MESA: 197
ROJAS JARA VALENTINA CRISTAL
ROJAS MELLA CAMILA ANDREA IGNACIA
ROJAS RAMIREZ ANDRES FELIPE
ROMERO WALTEROS CARMENZA ESTELA
ROMAN MOREIRA ANTONIO ANDRES
MESA: 198
SAEZ ALMENDRAS LUKAS DILAN
SALAZAR NUÑEZ SEBASTIAN IGNACIO
SALAZAR SALAZAR ALEJANDRO MAURICIO
SANCHEZ ANDRES RAMIRO
SANCHEZ DIAZ NICOLE ESTEPHANY
MESA: 199
SANTELICES GALVEZ ANDRES ESTEBAN
SCALVINI IGNACIO
SEGUEL PONTO CARLOS ALBERTO
SEGURA FUENTES LUIS ALBERTO
SILVA MANRIQUEZ ANA MARIA
MESA: 200
SILVA NUÑEZ DE ZEPEDA BERNARDITA DE LA PAZ
SPENCER BRAVO TIZIANO IGNACIO
STUBING DELGADO DEBORAH FERNANDA
TAMAYO TAPIA FRANCISCA ZABETA
TASSARA MOLINA VITTORIO VINCENZO
MESA: 201
TOLLO SOTOMAYOR VICENTE EDUARDO LEON
TOLOZA JIMENEZ FERNANDO IGNACIO
TOLOZA ALFARO ALVARO JONATHAN
TOLOZA LIMA RICARDO LUIS
TORRES CANALES DIEGO ANDRES
MESA: 202
VALDES DIAZ GONZALO ANDRES
VALDES PEREZ MARIA FRANCISCA
VALDES PEREZ MONICA PATRICIA
VALENZUELA ESPINOZA MARIO ALFREDO
VALENZUELA VARGAS PIA TRINIDAD
MESA: 203
VELIZ JIMENEZ ROMINA ALEJANDRA
VENEGAS ROJAS CAMILA CONSTANZA
VENTURA RUBIO FRANCISCA ANDREA
VERA LARA JOAQUIN FELIPE
VERA RUIZ NATALY JOCELYN
MESA: 204
VILLOUTA BASCUÑAN MARIA RENEE
VIVANCO CONCHA FERNANDO ISRAEL
VIÑALES MANCILLA CLAUDIA VERONICA
VIÑALES MANCILLA MARIA JESUS
VON ARNSWALDT VERDUGO MAXIMILIAN ANDRES
COMUNA	: PROVIDENCIA
CIRCUNS.	: PROVIDENCIA
MESAS	: 205 A LA 222
LOCAL	: INSTITUTO DE HUMANIDADES LUIS CAMPINO L1
DIRECCIÓN : AVENIDA PEDRO DE VALDIVIA 290
MESA: 205
ABARCA ABARCA JAVIERA ANAIS IGNACIA
ABARCA LARRAIN ISIDORA ANDREA
ABAUD ARRIBILETE YAEL OLGA
ABUHADBA ANDRES GUILLERMO SELIM
ABUSLEME RUBIÑO FELIPE IGNACIO
MESA: 206
ALVAREZ DELGADILLO PAOLA PATRICIA
ALVAREZ IMAGACHE GONZALO ADOLFO
ALVAREZ NORAGA DIEGO ERWIN
AMESTICA MARIN BARBARA XIMENA
ANGULO NAVARRETE TATIANA MACARENA
MESA: 207
ACEVEDO NORAGA ISIDORA PATRICIA
ARTEAGA TAPIA MAXIMILIANO PATRICIO
AVARIA GONZALEZ MARCO ANDRES
BAEZ OBATE EDUARDO ANDRES
BAEZA VASQUEZ KARIN NATALI
MESA: 208
BARRIA SAEZ JAVIER ANTONIO
BARRIGA MEZA PILAR ALEJANDRA
BECERRA MUÑOZ ISABEL ANDREA
BECKER MORA ANDRES
BERARD GUESALAGA CAMILLE
MESA: 209
BRANCOLI JUNEMANN DIEGO
BURGOS PEREZ PATRICIA ALEJANDRA
BUSTAMANTE PRADO JAVIERA PAZ
BUSTOS LARENAS MIGUEL ANGEL
CAAMAÑO NAPOLI CATALINA
MESA: 210
CAMPOS VARGAS BYRON ESTEBAN
CARO TURNER FELIPE IGNACIO
CARRENO PEÑALOZA JOSE IGNACIO
CARVAJAL VILLA ROBERTO CARLOS
CASANOVA ECHEVERRIA CAMILA ANTONIA
MESA: 211
BERGOÑO RODRIGUEZ MARCELO GABRIEL
BERRIOS MUÑOZ JOSE DAVID
CABRERA GATICA RODRIGO ALFREDO
CHAMBLAS VENEGAS LUCIANO ANDRES
CHASSELOUP PLOUZENNEC MARION ALEXANDRINE
MESA: 212
CASTILLO FROIL JESSICA
CONCHA BAYERS NICOLAS FRANCISCO
COSTA MANCIOWIELLO FRANCESCA MARIA
COVARRUBIAS PEÑA MARCELA
CRISOSTOMO BUSTAMANTE SOFIA ISIDORA
MESA: 213
DE LA FUENTE CIENFUEGOS SEBASTIAN ALBERTO
DEVIA GRIFFITH DANIEL ARMANDO
DIAZ AHUMADA FRANCISCA NICOLE
DIAZ CASTRO JUAN IGNACIO
DIAZ ORELLANA DANIELA ANDREA
MESA: 214
ENRIQUEZ REBOLLEDO BIONEY DEL PILAR
ESBIR CUMMINS NICOLAS
ESCALONA ORDENES SEBASTIAN MATIAS
ESCOBAR MANRIQUEZ FLORENCIA PAZ
ESCOBAR TRABUCCO JUAN ANDRES
MESA: 215
DIAZ GARCIA HOLDENES ODETTE
DIAZ GONZALEZ VALENTINA VICTORIA
DIAZ LOBOS CAMILA FERNANDA
LOPEZ MORENO KAREN CONSTANZA
FIGUEROA CAMPO EDUARDO ADOLFO
MESA: 216
FLORES CONCHA CAMILA BELEN
FLORES DUNFORD CAROLINA ANDREA
FLORES GATICA CLAUDIA ISABEL
FLORES PARRAGUEZ FRANCISCA BELEN
FREDES CASTILLO FRANCISCO CRISTOBAL
MESA: 217
ESCUER SUN PAZ YENABIN
GARCIA BENAVIDES EDUARDO ALBERTO
GARRI FUENTES MARIA EUGENIA
GARRIDO SOTO MARCELO NICOLAS
GASSMANN PONI ACHILLE BASTIAN
MESA: 218
FUCHSLOCHER COURARD JULIAN
GONZALEZ CARIN GUSTAVO ANDRES
GONZALEZ PEREZ TOMAS IGNACIO
GONZALEZ POTO RODRIGO GASTON JUAN DE DIOS
GUILOFF ANDIUS LEPPAN DAVID VINCENT
MESA: 219
HARTMANN SALVO JAVIERA KARINA
HECKMATT NAVARRETE JULIAN MARTIN
HENRIQUEZ ARELLIS ESTEFANIA BRENDA
HENRIQUEZ CALDERON CAROLINA INES
HERNANDEZ AZOCAR PABLO ANDRES
MESA: 220
INFANTE CEA AMALIA NOELIA
INOSTROZA BARJAS NICOLAS ISDRAM
INOSTROZA VERA JOSE IGNACIO
IRIARTE SAN MARTIN MANUEL IGNACIO
ITURRIETA MONROE ANDRES IGNACIO
MESA: 221
KRETHER YACAFLORES MARTIN PABLO
KUNCAR FUENTEALBA JORGE RAFAEL
LALLEMAND LEPE PASCUAL
LANDAETA HERNANDEZ ALBERTO NICOLAS
LANGE DIAZ YAMBEL
MESA: 222
GALEOTA CACERES ESTEFANIA CAMILA
LIZAMA LARRAIN CARLA XIMENA
LIZAMA OLIVA FRANCISCA ANDREA
LOPEZ ORDENES DANIELA ESTEFANIA
LOPEZ AHUMADA FRANCISCA DE LOS ANGELES
COMUNA	: PROVIDENCIA
CIRCUNS.	: PROVIDENCIA
MESAS	: 223 A LA 239
LOCAL	: INSTITUTO DE HUMANIDADES LUIS CAMPINO L2
DIRECCIÓN : AVENIDA PEDRO DE VALDIVIA 290
MESA: 223
MACCHIAVELLO HOLLEY SOFIA
MALUENDA INFANTE FERNANDA ISABEL
MANRIQUEZ ANDRES PALOMA BELEN
MANRIQUEZ CERDA CARLOS ANDRES
MARQUEZ VERA JAIME ALEJANDRO
MESA: 224
MARCHANT MORENO MARCO HUGO
MARTINEZ ALVAREZ SARA BELEN
MENA CORONADO BASTIAN IGNACIO
MENESES ROJAS TORO
MIRANDA AGUILAR BEATRIZ PAZ
MESA: 225
MOMBERG RUSCHEL ANGELA SOPHIA
MONTES ALVAREZ CAMILA IBERIA
MONTES RAMIREZ MANUEL JOSE
MOREL SOTO CAMILA ANDREA
MORILLO LUBOS BIANCA ANTONELLA
MESA: 226
MOYA GALLEGOS GONZALO ANDRES
MUTOLO LOPRESTI PIERA LORETTO
MUÑOZ CARREÑO DIEGO IGNACIO
MUÑOZ MUENCHMEYER JUAN PABLO
NAZARIT VILLALOBOS LUIS EDUARDO
MESA: 227
NORAMBUENA QUINTEROS NELSON ANTONIO
NOVOA CAMPOS GABRIEL RAIMUNDO
OLATE TRONCOSO CLAUDIA ALEJANDRA
OLGUIN MENESES DIEGO ANDRES
SANTOS TORRES CRISTOBAL IGNACIO
MESA: 228
PACHECO GONZALEZ IVAN ANDRES
PADILLA LOBOS MARIA FRANCISCA
PAINEN PAINEN JACQUELINE VERENA
PAROMBO DARLMONDIS JEYSSIE VALTAVE
URZUA TREWHELA MARGARITA CANDELARIA
MESA: 229
PEREZ ELMORREZ RICARDO GABRIEL
PETERS DEL PINO LUCIA ANTONIA
PINOCHET MORENO GILDA PAOLA
QUIROGA FUENTES PAULA ANDREA
USLAR IBRAHIM ANA CLEMENTINE
MESA: 230
PONCE VALENZUELA JAVIER ANDRES
PONCE GONZALEZ JAVIERA IGNACIA
PUZO PEREIRA VERONICA VALENTINA
PRIETO PEREZ JAVIERA JAVIERA
RAGGIO GUZMAN GABRIEL IGNACIO
MESA: 231
RIFFO ACUÑA THOMAS MAXIMILIANO
RIFFO DELGADO GLORIA EUGENIA
ROCHA MEDINA SEBASTIAN IGNACIO
VENEGAS ARCE FRANCISCO LEONARDO
RODRIGUEZ ALVARO JOSE
MESA: 232
ROJAS BURGOS JUAN PABLO
ROJAS HERRERA CARLA ALEJANDRA
ROJAS MEDINA MARIA IGNACIA
ROSALES ABARZUA CAMILA IGNACIA
ROJAS JEREZ TOMAS SEBASTIAN
MESA: 233
SALAS OSSA JAVIERA FERNANDA
SALAS DECHE RODRIGO
SANCHEZ ALBORNOZ EMILIO ENRIQUE
SANCHEZ MEDINA DANIELA CAROLINA
SANTOS CARQUIN IRVING RENATO
MESA: 234
SCHELE LAGOS MAXIMILIANO GUILLERMO
SEPULVEDA GONZALEZ BEDAR VALENTINA
SILVA BOLONA DIEGO RAMON
SOLIS MACDONNEL KARINA MASAN
VENEGAS BRAVO MARIA ELISA
MESA: 235
SPENCER ANGULO JOAQUIN ANDRES
STEVENS ALCAZAR NATALIA NIXDL
SUAZO SAAVEDRA JOSE IGNACIO
SUBERCASEAUX CONCHA MARIA GRACIA
TABOADA ALDUTZ LUISA RENATE
MESA: 236
TOBAR NAVARRO FELIPE ANDRES
TOCORNAL VALDES PEDRO PABLO
URETA ESPINOZA ALVARO IGNACIO
URIARTE CASTRO CLAUDIA JAVIERA
URIBE OYARZUN PAULA CAMILA
MESA: 237
VARAS LARGO ANA MARIA
VASQUEZ PASTENE DANIELA CAROLINA
VEGA MORENO TOMAS EMILIO
VELASQUEZ ESCALONA ALEJANDRO PATRICIO
VELEZ LEIVA MANUELA
MESA: 238
VERA VERA MICHAEL ANDRES
VIANCOURTH CASTILLO EMMA ZORAIDA LUCIA
VIULETICH GALVEZ DANA MARINA
WASSMAN BOBENDER NICOLAS BERNARDO
WALKER MARTINEZ CATALINA
MESA: 239
YABAR ROCO CASTRO JESUS MARTIN
YAÑEZ BARRIENTOS MARCELO ANDRES
YAÑEZ YAÑEZ CARDENAS EMILIO
ZABALA DONOSO ALONSO CRESCENTE
ZAPATA INOSTROZA OCTAVIO ANDRES
COMUNA	: PROVIDENCIA
CIRCUNS.	: PROVIDENCIA
MESAS	: 240 A LA 257
LOCAL	: INSTITUTO PROFESIONAL DUOC
DIRECCIÓN : ANTONIO VARAS 666
MESA: 240
ABARCA BARRERA NATALIA JESSICA
ABARCA LAZO ALEXA DAE
ABURNILE MOLINA IGNACIA ANTONIA
ACEVEDO ACEVEDO CAMILO JAVIER
ENCINAS REYES SEBASTIAN IGNACIO
MESA: 241
ARCILA PEREIRA ADRIAN JAVIER
ARRIAGADA CONTRERAS TOBIAS NICOLAS
ARRIAGADA PARRA MARIA SOLEDAD
ASTUDILLO GARRIDO FABIAN PATRICIO
BERRIOS PARDO FABIOLA PIA
MESA: 242
BLASCO ROSALES JUAN JOSE
BUENO CARDENAS LESLIE DEL PILAR
BUSTAMANTE PEREZ VALENTINA DEL CARMEN
BUSTAMANTE SALGADO VANESSA PAZ
CARPANETTI DE LA FUENTE GINO ALEJANDRO
MESA: 243
CARRASCO SALGADO DAMARIS ALEJANDRA
CASTILLO GALARCE PABLO IGNACIO
CHIAPPA GUERIN PERINA
CORREA DIAZ FRANCISCO ALEJANDRO
ENRIQUEZ GALLEGOS LUIS IVAN
MESA: 244
CRUZ FERNANDEZ JUAN MANUEL
DE FERARI CORREA FRANCISCO JOSE
DE GREGORIO CORTES NICOLAS
DE LA JARA CARDENAS MARIA ISABEL
ECHEVERRIA CIENFUEGOS LORETO DE LOS ANGELES
MESA: 245
ERRAZURIZ ARANEDA JAVIER IGNACIO
FLORES CRUCES ANA JOSEFA
GALLARDO SEPULVEDA DIEGO IVAN
GALLEGOS YAÑEZ JUAN ANTONIO
GALLEGOS YAÑEZ FRANCISCO ANTONIO
MESA: 246
GARCES VERA LESLIE MERCEDES
GARCIA MEDALLA LUZ MARIA DE LOS ANGELES
GONZALEZ SMITHRUEY LORENA
GUAJARDO PERRY ETTORE JOSE
GUERRA IRIARTE ALICIA BELEN
MESA: 247
ERRAZURIZ BAÑADOS MARIA FERNANDA
JARA CAMPOS JAVIERA PAZ
JOFRE DONOSO BEATA ISIDORA
JULIA VALENZUELA KATHERINA LUISA
LABARCA ABDALA DENISSE CAROL
MESA: 248
LLANOS MALDONADO FERNANDA
LOPEZ MORENO RODOLFO ANTONIO
LOYOLA JIMENEZ FRANCISCO ANDRES ENRIQUE
MALAVIA FALCOTHA LUIS ANDREA
MARDONES QUINTEROS VICENTE ALEJANDRO
MESA: 249
ESCOBAR AHUMADA IGNACIO ALEJANDRO
MERY STECHER VALERIA CLAUDIA
MIRANDA HUERAN PAULA BELEN
MIRANDA MIRANDA HECTOR ORLANDO
MIRANDA WINTER MANUELA ANDREA
MESA: 250
NARBONA GONZALEZ JUAN ENRIQUE SEBASTIAN
NUÑEZ HENRIQUEZ JAVIERA IGNACIA
NUÑEZ RAMIREZ ANDREA SOLEDAD
OBREQUE CAYUQUEO MONICA BEATRIZ
OLAVARRIA FRIAS FLORENCIA PAZ
MESA: 251
OTAROLA BAIER SERGIO ANDRES
PAVEZ HERNANDEZ TAMARA ANTONIA
PEREZ GUICHERO CAMILA CATALINA LIRAYEN
PEREZ MUÑOZ NATHAN IGNACIO
PEREZ ZUÑIGA FELIPE IGNACIO JOAQUIN
MESA: 252
QUINTANILLA ALEGRIA RICARDO ANDRES
RANTAKYRO MIRANDA JONAS TORD
RAVERA TOLOSA MACARENA PAZ
REHBEIN GALLARDO KATERIN ANDREA
REYES ALIAGA FRANCISCO JAVIER
MESA: 253
REYES MENDEZ JOSE MANUEL
ROJAS SALAS DANIELA FERNANDA
ROJAS SALAS FELIPE IGNACIO
RUBIO BOLIVAR PEDRO PABLO
RUBIO CONTRERAS ELISA BERNARDA
MESA: 254
SANTORO GONZALEZ FRANCISCO JAVIER
SASSO VERGARA LUIS SANDRO
SEPULVEDA ARAYA ROSA CECILIA
SEPULVEDA GARAY IVONNE DEYANIRA
SILVA VERA MARIA JOSE
MESA: 255
TIRADO JORQUERA CRISTIAN ANDRES
TOBAR GONZALEZ FELIPE ANDRES
TORO SALINAS FRANCISCA ALEJANDRA
ULLOA ESPINOZA VICTORIA ANDREA
URRUTIA ESTAY MATIAS ERASMO
MESA: 256
VASQUEZ ALVEAL VERONICA DANIELA
VASQUEZ SALINAS CONSTANZA ANDREA
VEGA CARRILLO CONSUELO FRANCISCA
VENEGAS ROJAS RICARDO MARCELO
VERA RIVAS MARIA ELISA
MESA: 257
VIDANOVIC CONTRERAS BLANCA MARIA
WALTER BARRIOS CAMILA DEL CARMEN
YOUNG NAVARRO PAULA ESTEPHANIE
ZAMBRANO BEZA PAMELA DEL PILAR
ZAMBRANO JONES FRANCISCO VICENTE ANTONIO
